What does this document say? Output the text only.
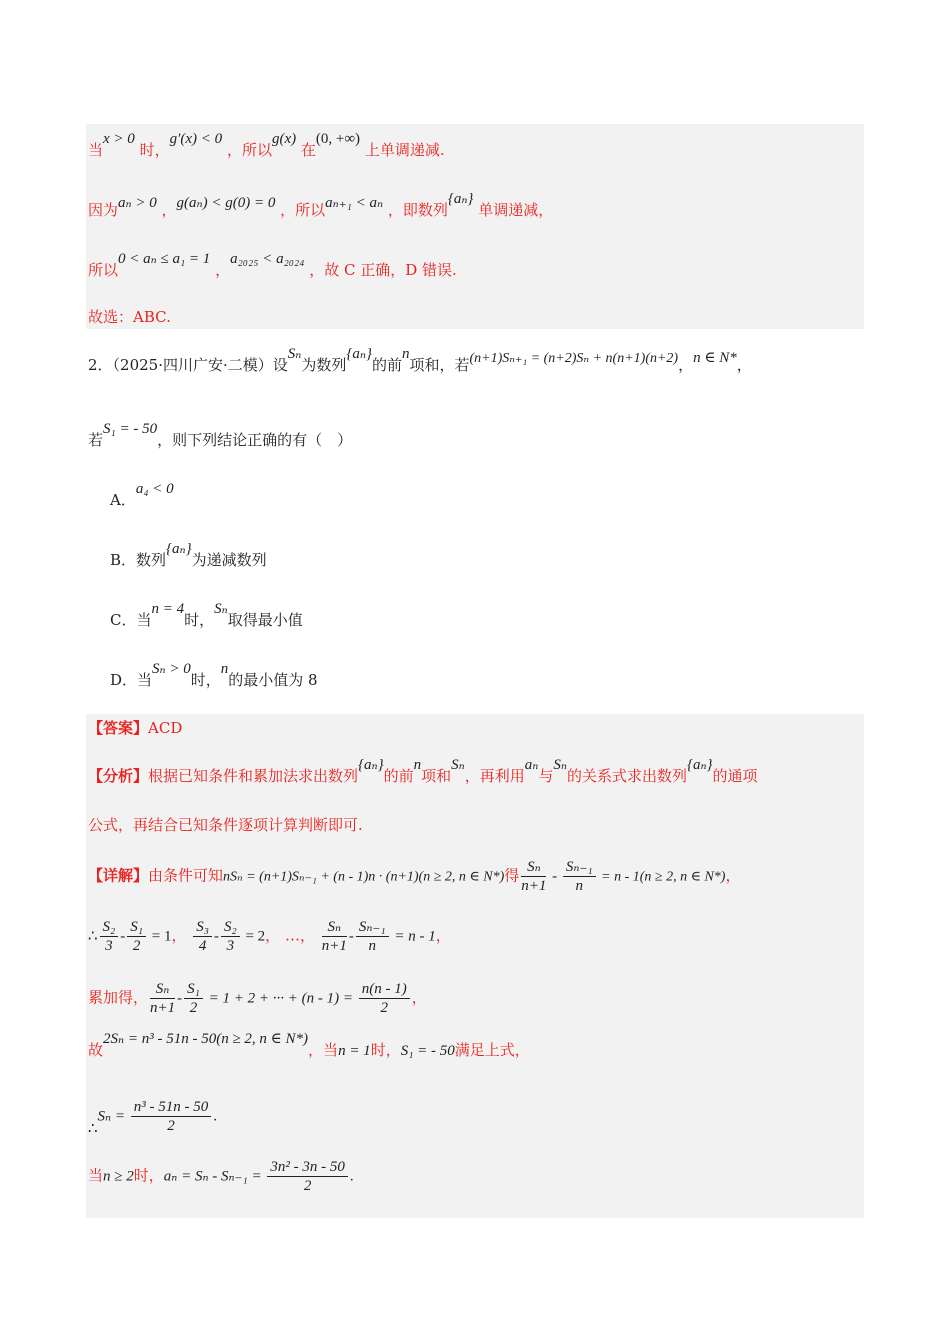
当x > 0 时，g′(x) < 0 ，所以g(x) 在(0, +∞) 上单调递减.
因为aₙ > 0 ，g(aₙ) < g(0) = 0 ，所以aₙ₊₁ < aₙ ，即数列{aₙ} 单调递减，
所以0 < aₙ ≤ a₁ = 1 ，a₂₀₂₅ < a₂₀₂₄ ，故 C 正确，D 错误.
故选：ABC.
2．（2025·四川广安·二模）设Sₙ为数列{aₙ}的前n项和，若(n+1)Sₙ₊₁ = (n+2)Sₙ + n(n+1)(n+2)，n ∈ N*，
若S₁ = - 50，则下列结论正确的有（　）
A．a₄ < 0
B．数列{aₙ}为递减数列
C．当n = 4时，Sₙ取得最小值
D．当Sₙ > 0时，n的最小值为 8
【答案】ACD
【分析】根据已知条件和累加法求出数列{aₙ}的前n项和Sₙ，再利用aₙ与Sₙ的关系式求出数列{aₙ}的通项
公式，再结合已知条件逐项计算判断即可.
【详解】由条件可知nSₙ = (n+1)Sₙ₋₁ + (n - 1)n · (n+1)(n ≥ 2, n ∈ N*)得 $\frac{\text{Sₙ}}{n+1} - \frac{\text{Sₙ₋₁}}{n} = n - 1(n \ge 2$, n ∈ N*)，
∴ $\frac{\text{S₂}}{3} - \frac{\text{S₁}}{2} = 1$， $\frac{\text{S₃}}{4} - \frac{\text{S₂}}{3} = 2$， …， $\frac{\text{Sₙ}}{n+1} - \frac{\text{Sₙ₋₁}}{n} = n - 1$，
累加得， $\frac{\text{Sₙ}}{n+1} - \frac{\text{S₁}}{2} = 1 + 2$ + ··· + $(n - 1) = \frac{n(n - 1)}{2}$ ，
故2Sₙ = n³ - 51n - 50(n ≥ 2, n ∈ N*)，当n = 1时，S₁ = - 50满足上式，
∴Sₙ = $\frac{\text{n³ - 51n - 50}}{2}$ .
当n ≥ 2时，$a_n = S_n - S_{n-1} = \frac{\text{3n² - 3n - 50}}{2}$ .
